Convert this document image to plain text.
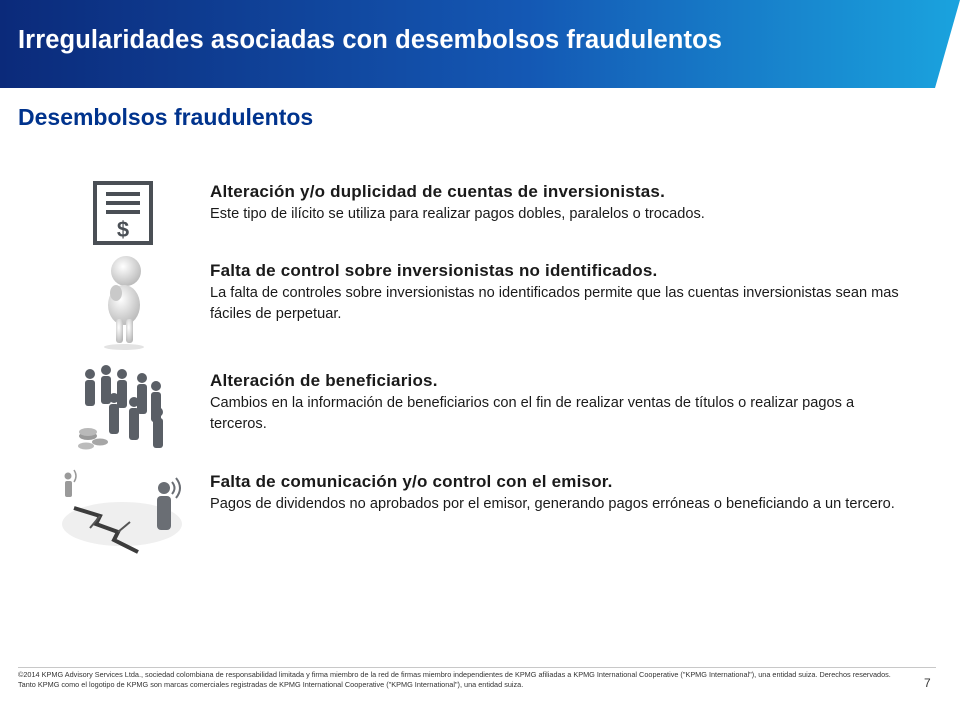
Irregularidades asociadas con desembolsos fraudulentos
Desembolsos fraudulentos
$
Alteración y/o duplicidad de cuentas de inversionistas.
Este tipo de ilícito se utiliza para realizar pagos dobles, paralelos o trocados.
Falta de control sobre inversionistas no identificados.
La falta de controles sobre inversionistas no identificados permite que las cuentas inversionistas sean mas fáciles de perpetuar.
Alteración de beneficiarios.
Cambios en la información de beneficiarios con el fin de realizar ventas de títulos o realizar pagos a terceros.
Falta de comunicación y/o control con el emisor.
Pagos de dividendos no aprobados por el emisor, generando pagos erróneas o beneficiando a un tercero.
©2014 KPMG Advisory Services Ltda., sociedad colombiana de responsabilidad limitada y firma miembro de la red de firmas miembro independientes de KPMG afiliadas a KPMG International Cooperative ("KPMG International"), una entidad suiza. Derechos reservados. Tanto KPMG como el logotipo de KPMG son marcas comerciales registradas de KPMG International Cooperative ("KPMG International"), una entidad suiza.	7
